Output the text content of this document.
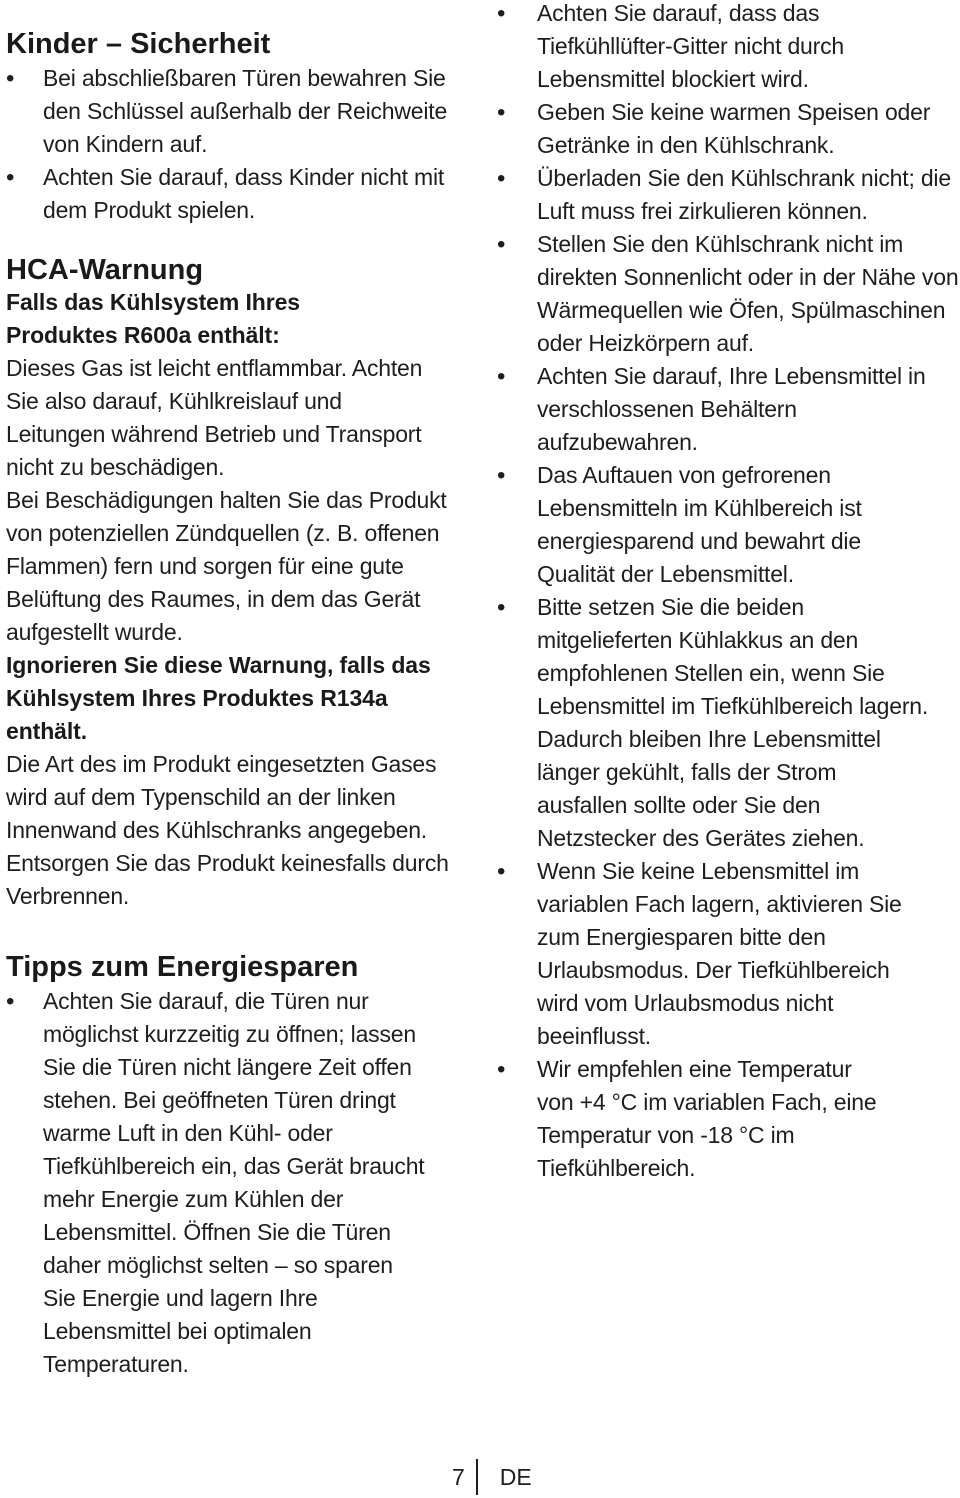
Kinder – Sicherheit
• Bei abschließbaren Türen bewahren Sie den Schlüssel außerhalb der Reichweite von Kindern auf.
• Achten Sie darauf, dass Kinder nicht mit dem Produkt spielen.
HCA-Warnung
Falls das Kühlsystem Ihres Produktes R600a enthält:
Dieses Gas ist leicht entflammbar. Achten Sie also darauf, Kühlkreislauf und Leitungen während Betrieb und Transport nicht zu beschädigen.
Bei Beschädigungen halten Sie das Produkt von potenziellen Zündquellen (z. B. offenen Flammen) fern und sorgen für eine gute Belüftung des Raumes, in dem das Gerät aufgestellt wurde.
Ignorieren Sie diese Warnung, falls das Kühlsystem Ihres Produktes R134a enthält.
Die Art des im Produkt eingesetzten Gases wird auf dem Typenschild an der linken Innenwand des Kühlschranks angegeben.
Entsorgen Sie das Produkt keinesfalls durch Verbrennen.
Tipps zum Energiesparen
• Achten Sie darauf, die Türen nur möglichst kurzzeitig zu öffnen; lassen Sie die Türen nicht längere Zeit offen stehen. Bei geöffneten Türen dringt warme Luft in den Kühl- oder Tiefkühlbereich ein, das Gerät braucht mehr Energie zum Kühlen der Lebensmittel. Öffnen Sie die Türen daher möglichst selten – so sparen Sie Energie und lagern Ihre Lebensmittel bei optimalen Temperaturen.
• Achten Sie darauf, dass das Tiefkühllüfter-Gitter nicht durch Lebensmittel blockiert wird.
• Geben Sie keine warmen Speisen oder Getränke in den Kühlschrank.
• Überladen Sie den Kühlschrank nicht; die Luft muss frei zirkulieren können.
• Stellen Sie den Kühlschrank nicht im direkten Sonnenlicht oder in der Nähe von Wärmequellen wie Öfen, Spülmaschinen oder Heizkörpern auf.
• Achten Sie darauf, Ihre Lebensmittel in verschlossenen Behältern aufzubewahren.
• Das Auftauen von gefrorenen Lebensmitteln im Kühlbereich ist energiesparend und bewahrt die Qualität der Lebensmittel.
• Bitte setzen Sie die beiden mitgelieferten Kühlakkus an den empfohlenen Stellen ein, wenn Sie Lebensmittel im Tiefkühlbereich lagern.
Dadurch bleiben Ihre Lebensmittel länger gekühlt, falls der Strom ausfallen sollte oder Sie den Netzstecker des Gerätes ziehen.
• Wenn Sie keine Lebensmittel im variablen Fach lagern, aktivieren Sie zum Energiesparen bitte den Urlaubsmodus. Der Tiefkühlbereich wird vom Urlaubsmodus nicht beeinflusst.
• Wir empfehlen eine Temperatur von +4 °C im variablen Fach, eine Temperatur von -18 °C im Tiefkühlbereich.
7 DE
